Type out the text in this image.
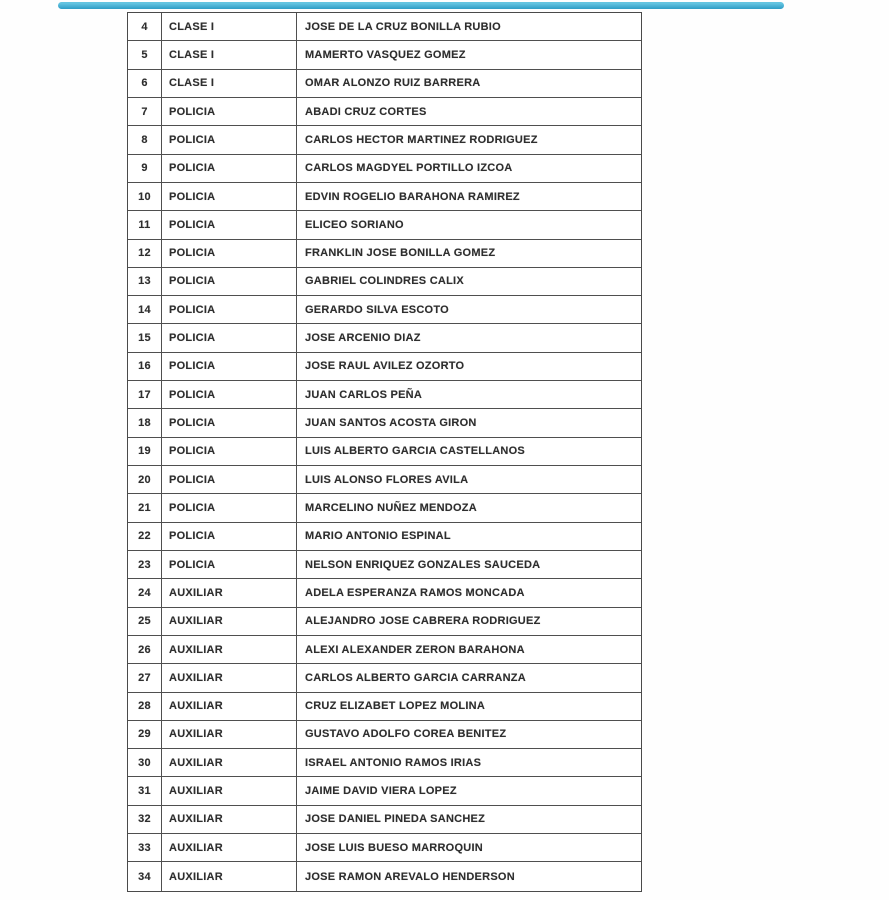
4	CLASE I	JOSE DE LA CRUZ BONILLA RUBIO
5	CLASE I	MAMERTO VASQUEZ GOMEZ
6	CLASE I	OMAR ALONZO RUIZ BARRERA
7	POLICIA	ABADI CRUZ CORTES
8	POLICIA	CARLOS HECTOR MARTINEZ RODRIGUEZ
9	POLICIA	CARLOS MAGDYEL PORTILLO IZCOA
10	POLICIA	EDVIN ROGELIO BARAHONA RAMIREZ
11	POLICIA	ELICEO SORIANO
12	POLICIA	FRANKLIN JOSE BONILLA GOMEZ
13	POLICIA	GABRIEL COLINDRES CALIX
14	POLICIA	GERARDO SILVA ESCOTO
15	POLICIA	JOSE ARCENIO DIAZ
16	POLICIA	JOSE RAUL AVILEZ OZORTO
17	POLICIA	JUAN CARLOS PEÑA
18	POLICIA	JUAN SANTOS ACOSTA GIRON
19	POLICIA	LUIS ALBERTO GARCIA CASTELLANOS
20	POLICIA	LUIS ALONSO FLORES AVILA
21	POLICIA	MARCELINO NUÑEZ MENDOZA
22	POLICIA	MARIO ANTONIO ESPINAL
23	POLICIA	NELSON ENRIQUEZ GONZALES SAUCEDA
24	AUXILIAR	ADELA ESPERANZA RAMOS MONCADA
25	AUXILIAR	ALEJANDRO JOSE CABRERA RODRIGUEZ
26	AUXILIAR	ALEXI ALEXANDER ZERON BARAHONA
27	AUXILIAR	CARLOS ALBERTO GARCIA CARRANZA
28	AUXILIAR	CRUZ ELIZABET LOPEZ MOLINA
29	AUXILIAR	GUSTAVO ADOLFO COREA BENITEZ
30	AUXILIAR	ISRAEL ANTONIO RAMOS IRIAS
31	AUXILIAR	JAIME DAVID VIERA LOPEZ
32	AUXILIAR	JOSE DANIEL PINEDA SANCHEZ
33	AUXILIAR	JOSE LUIS BUESO MARROQUIN
34	AUXILIAR	JOSE RAMON AREVALO HENDERSON
